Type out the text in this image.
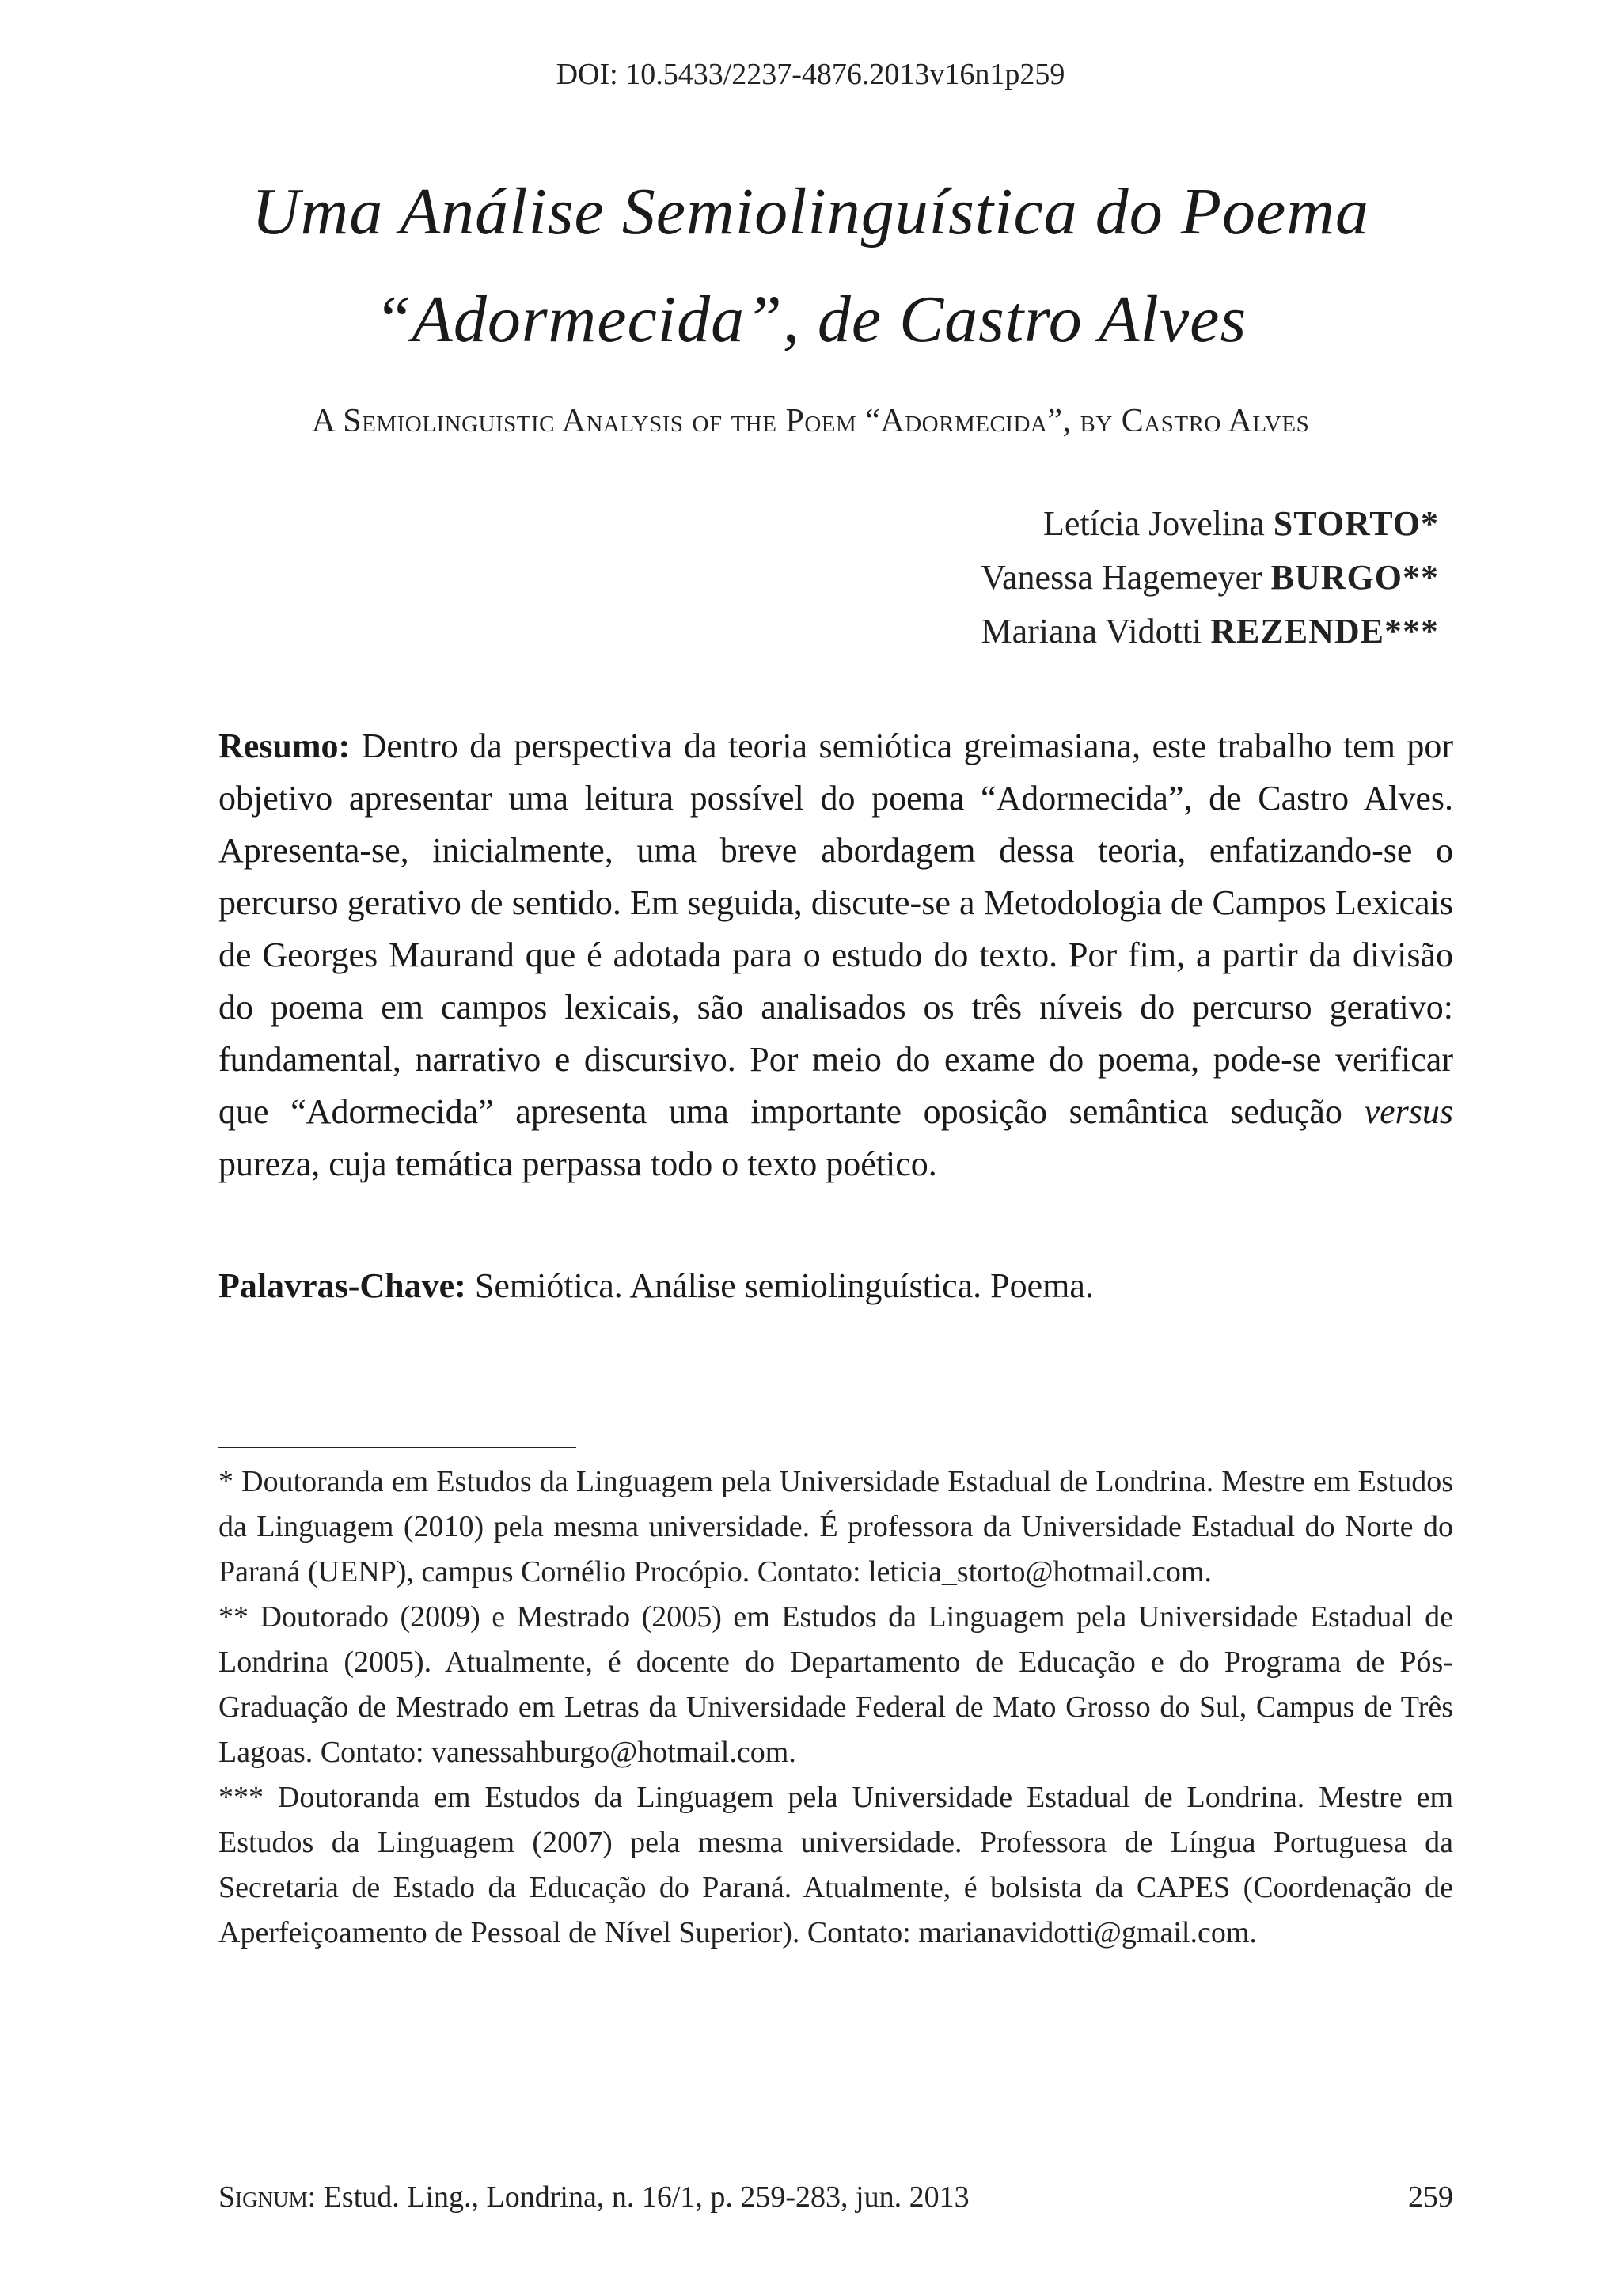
DOI: 10.5433/2237-4876.2013v16n1p259
Uma Análise Semiolinguística do Poema
“Adormecida”, de Castro Alves
A Semiolinguistic Analysis of the Poem “Adormecida”, by Castro Alves
Letícia Jovelina STORTO*
Vanessa Hagemeyer BURGO**
Mariana Vidotti REZENDE***
Resumo: Dentro da perspectiva da teoria semiótica greimasiana, este trabalho tem por objetivo apresentar uma leitura possível do poema “Adormecida”, de Castro Alves. Apresenta-se, inicialmente, uma breve abordagem dessa teoria, enfatizando-se o percurso gerativo de sentido. Em seguida, discute-se a Metodologia de Campos Lexicais de Georges Maurand que é adotada para o estudo do texto. Por fim, a partir da divisão do poema em campos lexicais, são analisados os três níveis do percurso gerativo: fundamental, narrativo e discursivo. Por meio do exame do poema, pode-se verificar que “Adormecida” apresenta uma importante oposição semântica sedução versus pureza, cuja temática perpassa todo o texto poético.
Palavras-Chave: Semiótica. Análise semiolinguística. Poema.

* Doutoranda em Estudos da Linguagem pela Universidade Estadual de Londrina. Mestre em Estudos da Linguagem (2010) pela mesma universidade. É professora da Universidade Estadual do Norte do Paraná (UENP), campus Cornélio Procópio. Contato: leticia_storto@hotmail.com.

** Doutorado (2009) e Mestrado (2005) em Estudos da Linguagem pela Universidade Estadual de Londrina (2005). Atualmente, é docente do Departamento de Educação e do Programa de Pós-Graduação de Mestrado em Letras da Universidade Federal de Mato Grosso do Sul, Campus de Três Lagoas. Contato: vanessahburgo@hotmail.com.

*** Doutoranda em Estudos da Linguagem pela Universidade Estadual de Londrina. Mestre em Estudos da Linguagem (2007) pela mesma universidade. Professora de Língua Portuguesa da Secretaria de Estado da Educação do Paraná. Atualmente, é bolsista da CAPES (Coordenação de Aperfeiçoamento de Pessoal de Nível Superior). Contato: marianavidotti@gmail.com.

Signum: Estud. Ling., Londrina, n. 16/1, p. 259-283, jun. 2013	259
